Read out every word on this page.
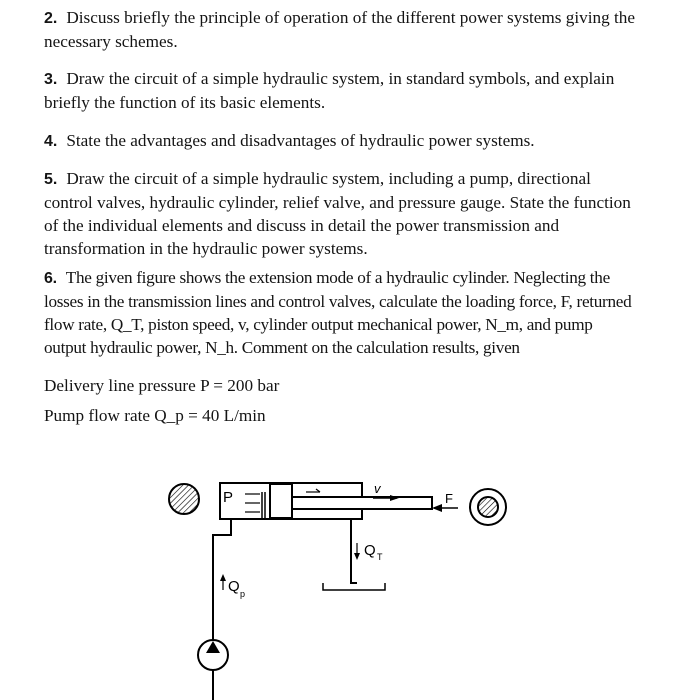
2. Discuss briefly the principle of operation of the different power systems giving the necessary schemes.
3. Draw the circuit of a simple hydraulic system, in standard symbols, and explain briefly the function of its basic elements.
4. State the advantages and disadvantages of hydraulic power systems.
5. Draw the circuit of a simple hydraulic system, including a pump, directional control valves, hydraulic cylinder, relief valve, and pressure gauge. State the function of the individual elements and discuss in detail the power transmission and transformation in the hydraulic power systems.
6. The given figure shows the extension mode of a hydraulic cylinder. Neglecting the losses in the transmission lines and control valves, calculate the loading force, F, returned flow rate, Q_T, piston speed, v, cylinder output mechanical power, N_m, and pump output hydraulic power, N_h. Comment on the calculation results, given
Delivery line pressure P = 200 bar
Pump flow rate Q_p = 40 L/min
P
v
F
Q T
Q p
